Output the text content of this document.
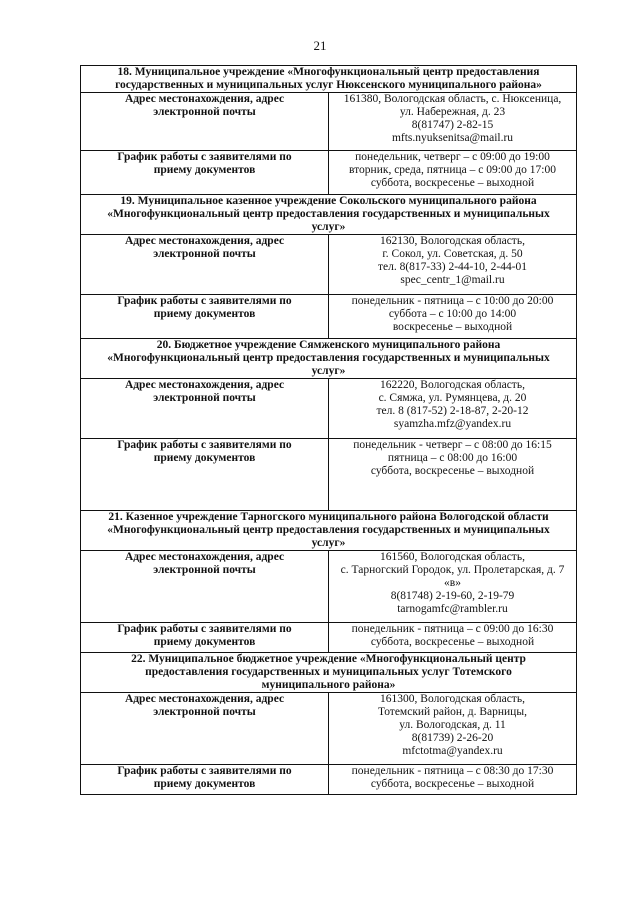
21
18. Муниципальное учреждение «Многофункциональный центр предоставления
государственных и муниципальных услуг Нюксенского муниципального района»	

Адрес местонахождения, адрес
электронной почты	161380, Вологодская область, с. Нюксеница,
ул. Набережная, д. 23
8(81747) 2-82-15
mfts.nyuksenitsa@mail.ru

График работы с заявителями по
приему документов	понедельник, четверг – с 09:00 до 19:00
вторник, среда, пятница – с 09:00 до 17:00
суббота, воскресенье – выходной

19. Муниципальное казенное учреждение Сокольского муниципального района
«Многофункциональный центр предоставления государственных и муниципальных
услуг»	

Адрес местонахождения, адрес
электронной почты	162130, Вологодская область,
г. Сокол, ул. Советская, д. 50
тел. 8(817-33) 2-44-10, 2-44-01
spec_centr_1@mail.ru

График работы с заявителями по
приему документов	понедельник - пятница – с 10:00 до 20:00
суббота – с 10:00 до 14:00
воскресенье – выходной

20. Бюджетное учреждение Сямженского муниципального района
«Многофункциональный центр предоставления государственных и муниципальных
услуг»	

Адрес местонахождения, адрес
электронной почты	162220, Вологодская область,
с. Сямжа, ул. Румянцева, д. 20
тел. 8 (817-52) 2-18-87, 2-20-12
syamzha.mfz@yandex.ru

График работы с заявителями по
приему документов	понедельник - четверг – с 08:00 до 16:15
пятница – с 08:00 до 16:00
суббота, воскресенье – выходной

21. Казенное учреждение Тарногского муниципального района Вологодской области
«Многофункциональный центр предоставления государственных и муниципальных
услуг»	

Адрес местонахождения, адрес
электронной почты	161560, Вологодская область,
с. Тарногский Городок, ул. Пролетарская, д. 7
«в»
8(81748) 2-19-60, 2-19-79
tarnogamfc@rambler.ru

График работы с заявителями по
приему документов	понедельник - пятница – с 09:00 до 16:30
суббота, воскресенье – выходной

22. Муниципальное бюджетное учреждение «Многофункциональный центр
предоставления государственных и муниципальных услуг Тотемского
муниципального района»	

Адрес местонахождения, адрес
электронной почты	161300, Вологодская область,
Тотемский район, д. Варницы,
ул. Вологодская, д. 11
8(81739) 2-26-20
mfctotma@yandex.ru

График работы с заявителями по
приему документов	понедельник - пятница – с 08:30 до 17:30
суббота, воскресенье – выходной
